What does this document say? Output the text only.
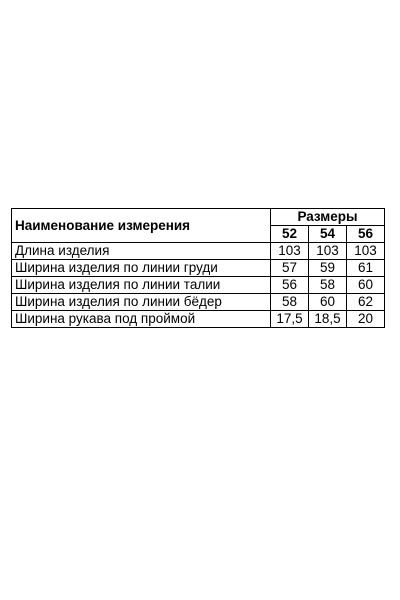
Наименование измерения	Размеры		
	52	54	56
Длина изделия	103	103	103
Ширина изделия по линии груди	57	59	61
Ширина изделия по линии талии	56	58	60
Ширина изделия по линии бёдер	58	60	62
Ширина рукава под проймой	17,5	18,5	20
